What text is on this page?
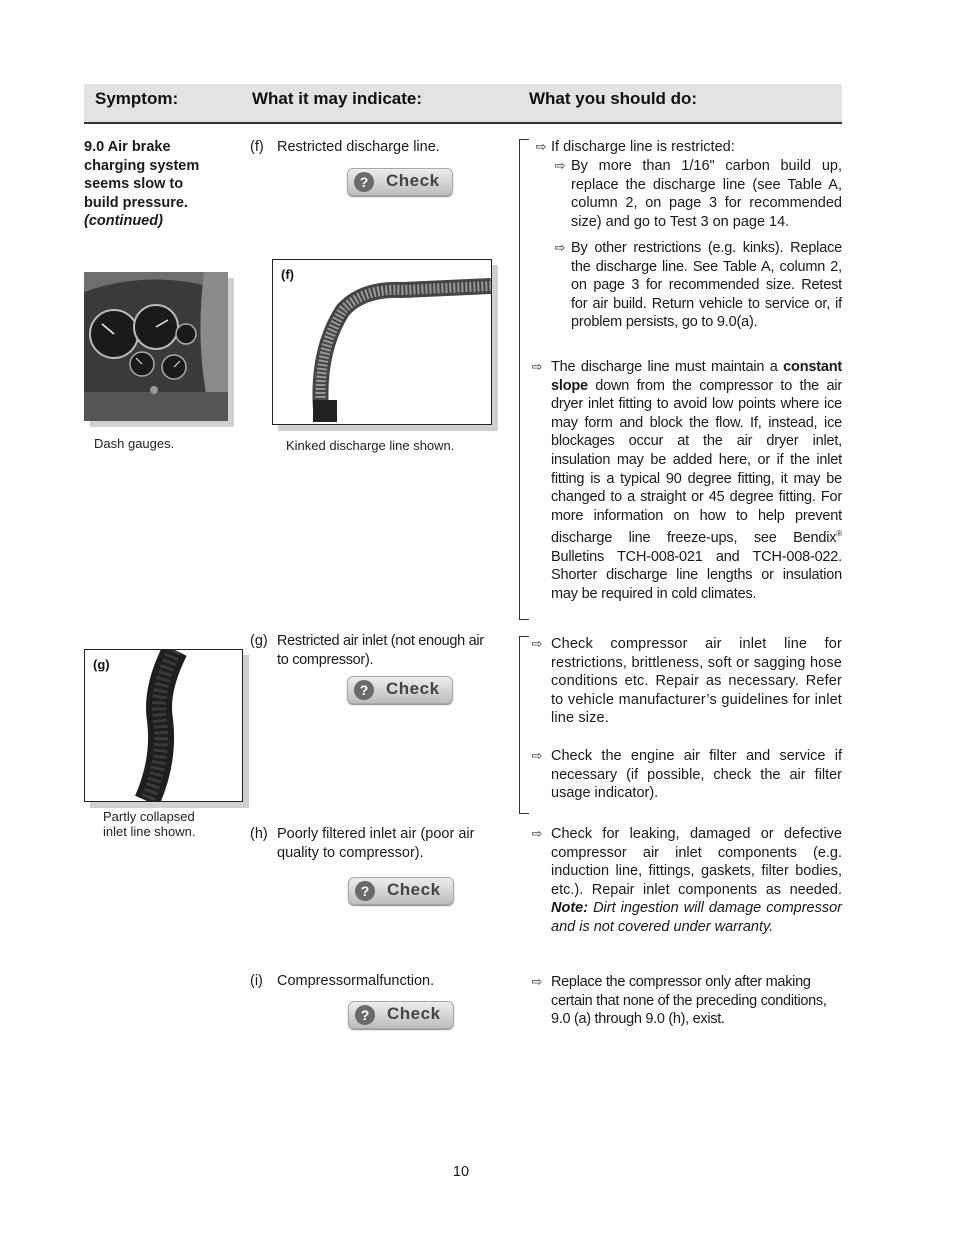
Symptom:	What it may indicate:	What you should do:
9.0 Air brake
charging system
seems slow to
build pressure.
(continued)
Dash gauges.
(f) Restricted discharge line.
?	Check
(f)
Kinked discharge line shown.
⇨ If discharge line is restricted:
⇨ By more than 1/16" carbon build up, replace the discharge line (see Table A, column 2, on page 3 for recommended size) and go to Test 3 on page 14.
⇨ By other restrictions (e.g. kinks). Replace the discharge line. See Table A, column 2, on page 3 for recommended size. Retest for air build. Return vehicle to service or, if problem persists, go to 9.0(a).
⇨ The discharge line must maintain a constant slope down from the compressor to the air dryer inlet fitting to avoid low points where ice may form and block the flow. If, instead, ice blockages occur at the air dryer inlet, insulation may be added here, or if the inlet fitting is a typical 90 degree fitting, it may be changed to a straight or 45 degree fitting. For more information on how to help prevent discharge line freeze-ups, see Bendix® Bulletins TCH-008-021 and TCH-008-022. Shorter discharge line lengths or insulation may be required in cold climates.
(g)
Partly collapsed
inlet line shown.
(g) Restricted air inlet (not enough air
to compressor).
?	Check
⇨ Check compressor air inlet line for restrictions, brittleness, soft or sagging hose conditions etc. Repair as necessary. Refer to vehicle manufacturer’s guidelines for inlet line size.
⇨ Check the engine air filter and service if necessary (if possible, check the air filter usage indicator).
(h) Poorly filtered inlet air (poor air
quality to compressor).
?	Check
⇨ Check for leaking, damaged or defective compressor air inlet components (e.g. induction line, fittings, gaskets, filter bodies, etc.). Repair inlet components as needed. Note: Dirt ingestion will damage compressor and is not covered under warranty.
(i) Compressormalfunction.
?	Check
⇨ Replace the compressor only after making certain that none of the preceding conditions, 9.0 (a) through 9.0 (h), exist.
10
